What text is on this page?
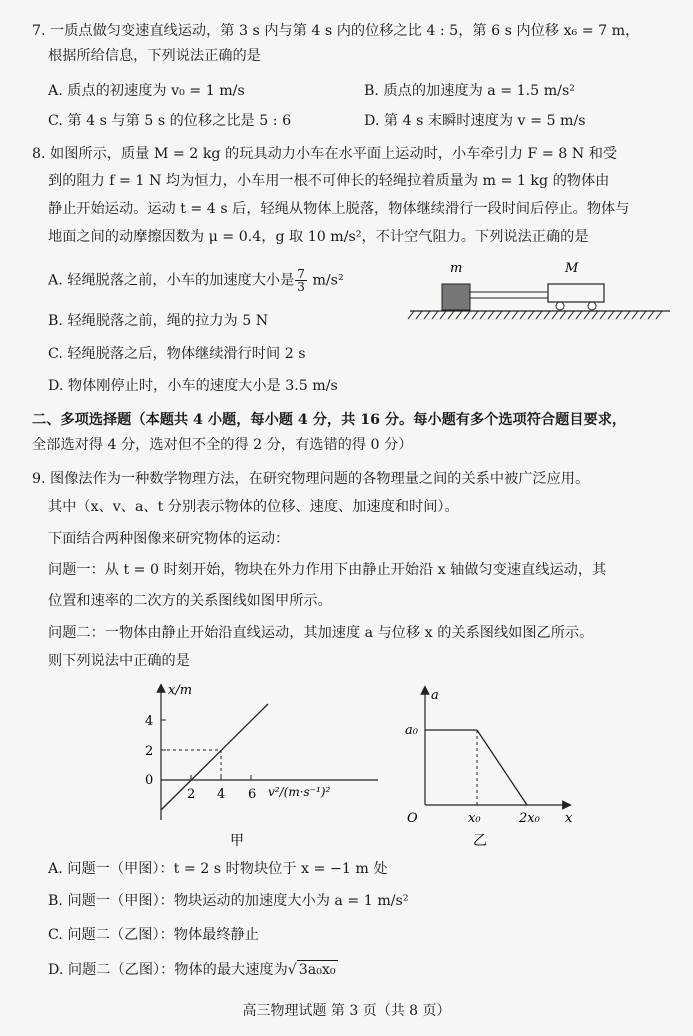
7. 一质点做匀变速直线运动，第 3 s 内与第 4 s 内的位移之比 4 : 5，第 6 s 内位移 x₆ = 7 m，
根据所给信息，下列说法正确的是
A. 质点的初速度为 v₀ = 1 m/s	B. 质点的加速度为 a = 1.5 m/s²
C. 第 4 s 与第 5 s 的位移之比是 5 : 6	D. 第 4 s 末瞬时速度为 v = 5 m/s
8. 如图所示，质量 M = 2 kg 的玩具动力小车在水平面上运动时，小车牵引力 F = 8 N 和受
到的阻力 f = 1 N 均为恒力，小车用一根不可伸长的轻绳拉着质量为 m = 1 kg 的物体由
静止开始运动。运动 t = 4 s 后，轻绳从物体上脱落，物体继续滑行一段时间后停止。物体与
地面之间的动摩擦因数为 μ = 0.4，g 取 10 m/s²，不计空气阻力。下列说法正确的是
A. 轻绳脱落之前，小车的加速度大小是 $\frac{7}{3} m/s^2$
B. 轻绳脱落之前，绳的拉力为 5 N
C. 轻绳脱落之后，物体继续滑行时间 2 s
D. 物体刚停止时，小车的速度大小是 3.5 m/s
m	M
二、多项选择题（本题共 4 小题，每小题 4 分，共 16 分。每小题有多个选项符合题目要求，
全部选对得 4 分，选对但不全的得 2 分，有选错的得 0 分）
9. 图像法作为一种数学物理方法，在研究物理问题的各物理量之间的关系中被广泛应用。
其中（x、v、a、t 分别表示物体的位移、速度、加速度和时间）。
下面结合两种图像来研究物体的运动：
问题一：从 t = 0 时刻开始，物块在外力作用下由静止开始沿 x 轴做匀变速直线运动，其
位置和速率的二次方的关系图线如图甲所示。
问题二：一物体由静止开始沿直线运动，其加速度 a 与位移 x 的关系图线如图乙所示。
则下列说法中正确的是
x/m
v²/(m·s⁻¹)²
4
2
0
2 4 6
甲
a
a₀
O	x₀	2x₀ x
乙
A. 问题一（甲图）：t = 2 s 时物块位于 x = −1 m 处
B. 问题一（甲图）：物块运动的加速度大小为 a = 1 m/s²
C. 问题二（乙图）：物体最终静止
D. 问题二（乙图）：物体的最大速度为√ 3a₀x₀
高三物理试题 第 3 页（共 8 页）
